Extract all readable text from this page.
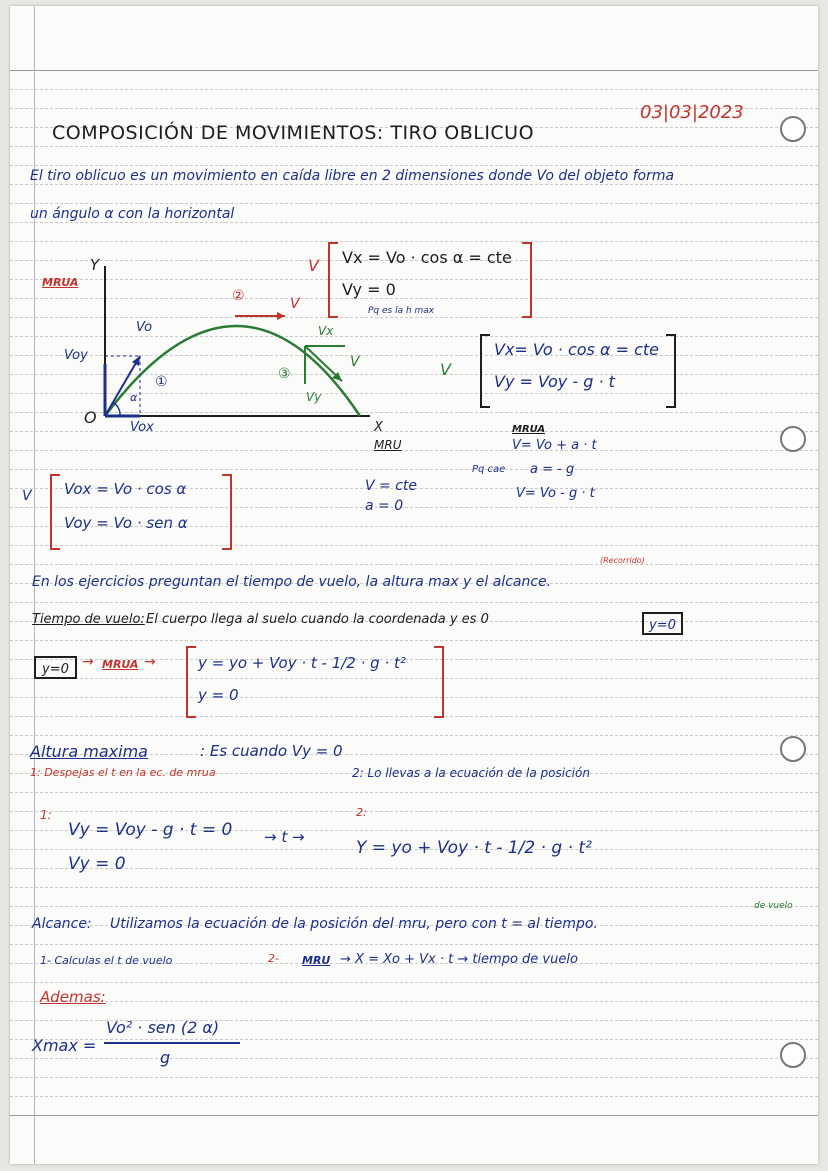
03|03|2023
COMPOSICIÓN DE MOVIMIENTOS: TIRO OBLICUO
El tiro oblicuo es un movimiento en caída libre en 2 dimensiones donde Vo del objeto forma
un ángulo α con la horizontal
MRUA
Y
O
Vo
Voy
Vox
α
①
②	V
③
Vx
V
Vy
X
MRU
V = cte
a = 0
V Vx = Vo · cos α = cte
Vy = 0
Pq es la h max
V
Vx= Vo · cos α = cte
Vy = Voy - g · t
MRUA
V= Vo + a · t
Pq cae a = - g
V= Vo - g · t
V Vox = Vo · cos α
Voy = Vo · sen α
(Recorrido)
En los ejercicios preguntan el tiempo de vuelo, la altura max y el alcance.
Tiempo de vuelo: El cuerpo llega al suelo cuando la coordenada y es 0	y=0
y=0 → MRUA →	y = yo + Voy · t - 1/2 · g · t²
y = 0
Altura maxima	: Es cuando Vy = 0
1: Despejas el t en la ec. de mrua	2: Lo llevas a la ecuación de la posición
1:
Vy = Voy - g · t = 0
Vy = 0
→ t →
2:
Y = yo + Voy · t - 1/2 · g · t²
de vuelo
Alcance: Utilizamos la ecuación de la posición del mru, pero con t = al tiempo.
1- Calculas el t de vuelo	2- MRU → X = Xo + Vx · t → tiempo de vuelo
Ademas:
Xmax =
Vo² · sen (2 α)
g
